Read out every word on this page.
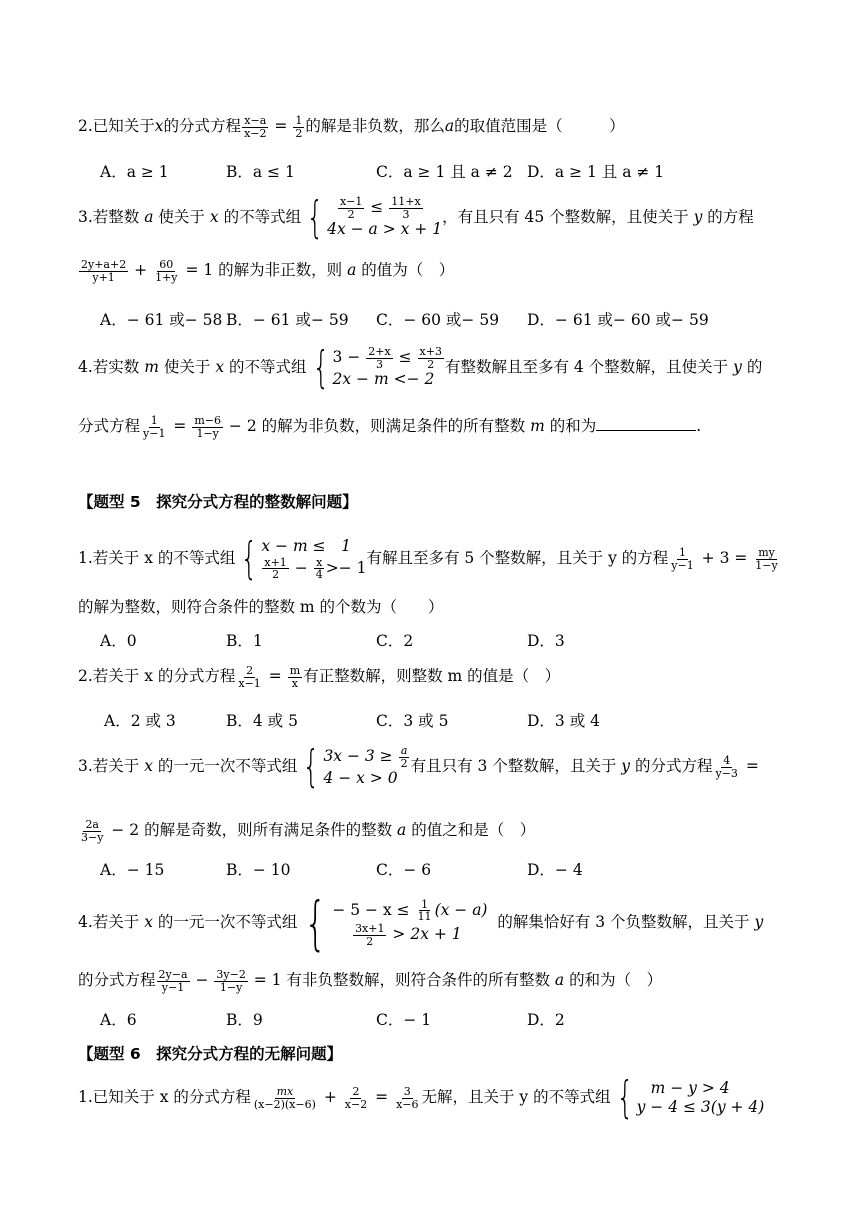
2.已知关于x的分式方程 $\frac{x-a}{x-2} = \frac{1}{2}$ 的解是非负数，那么a的取值范围是（　　　）
A．a ≥ 1	B．a ≤ 1	C．a ≥ 1 且 a ≠ 2 D．a ≥ 1 且 a ≠ 1
3.若整数 a 使关于 x 的不等式组 {
$\frac{x-1}{2} \le \frac{11+x}{3}$
4x − a > x + 1
，有且只有 45 个整数解，且使关于 y 的方程
$\frac{2y+a+2}{y+1} + \frac{60}{1+y} = 1$ 的解为非正数，则 a 的值为（　）
A．− 61 或− 58 B．− 61 或− 59 C．− 60 或− 59 D．− 61 或− 60 或− 59
4.若实数 m 使关于 x 的不等式组 { $3 - \frac{2+x}{3} \le \frac{x+3}{2}$
2x − m <− 2
有整数解且至多有 4 个整数解，且使关于 y 的
分式方程 $\frac{1}{y-1} = \frac{m-6}{1-y} - 2$ 的解为非负数，则满足条件的所有整数 m 的和为	.
【题型 5　探究分式方程的整数解问题】
1.若关于 x 的不等式组 { x − m ≤　1
$\frac{x+1}{2} - \frac{x}{4} >- 1$
有解且至多有 5 个整数解，且关于 y 的方程 $\frac{1}{y-1} + 3 = \frac{my}{1-y}$
的解为整数，则符合条件的整数 m 的个数为（　　）
A．0	B．1	C．2	D．3
2.若关于 x 的分式方程 $\frac{2}{x-1} = \frac{m}{x}$ 有正整数解，则整数 m 的值是（　）
A．2 或 3	B．4 或 5	C．3 或 5	D．3 或 4
3.若关于 x 的一元一次不等式组 { $3x - 3 \ge \frac{a}{2}$
4 − x > 0
有且只有 3 个整数解，且关于 y 的分式方程 $\frac{4}{y-3}$ =
$\frac{2a}{3-y} - 2$ 的解是奇数，则所有满足条件的整数 a 的值之和是（　）
A．− 15	B．− 10	C．− 6	D．− 4
4.若关于 x 的一元一次不等式组 { − $5 - x \le \frac{1}{11} (x - a)$

$\frac{3x+1}{2} > 2x + 1$
的解集恰好有 3 个负整数解，且关于 y
的分式方程 $\frac{2y-a}{y-1} - \frac{3y-2}{1-y} = 1$ 有非负整数解，则符合条件的所有整数 a 的和为（　）
A．6	B．9	C．− 1	D．2
【题型 6　探究分式方程的无解问题】
1.已知关于 x 的分式方程 $\frac{mx}{(x-2)(x-6)} + \frac{2}{x-2} = \frac{3}{x-6}$ 无解，且关于 y 的不等式组 {	m − y > 4
y − 4 ≤ 3(y + 4)
